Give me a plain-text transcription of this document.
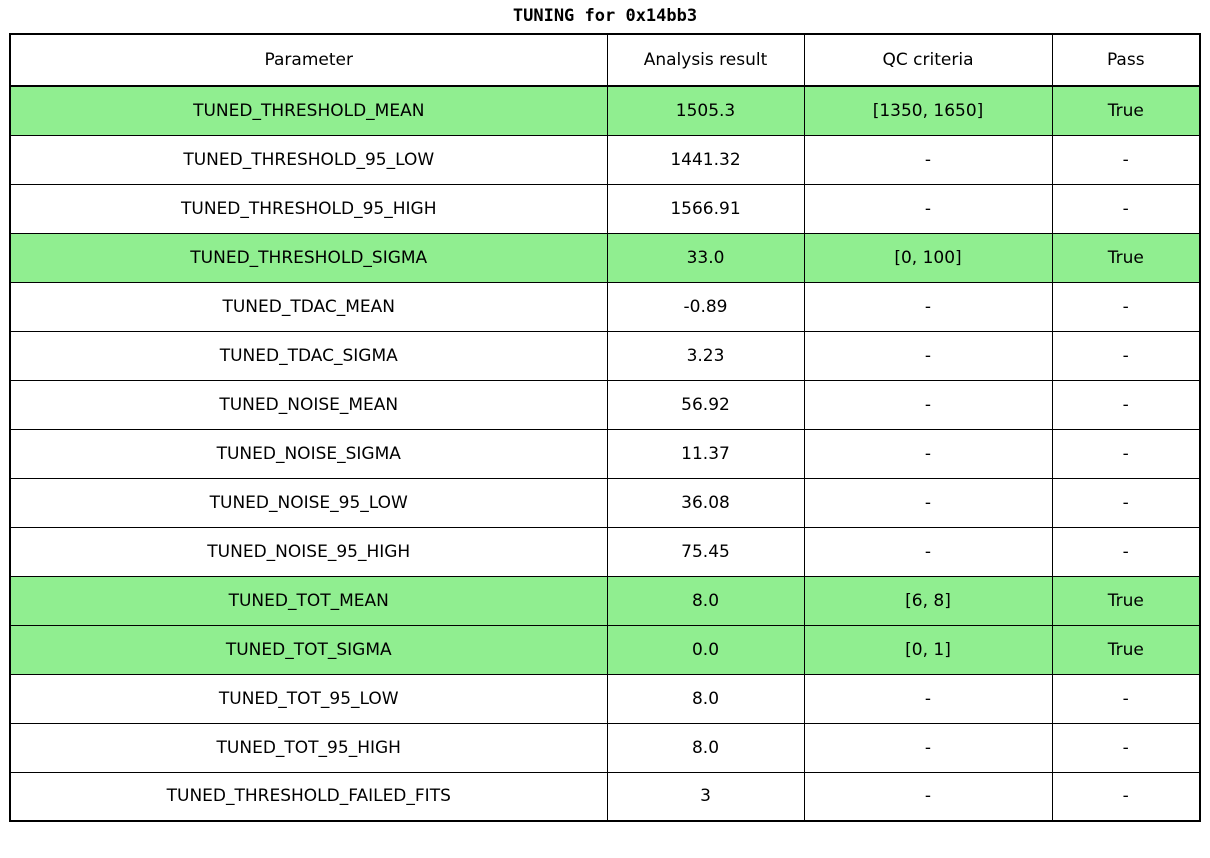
TUNING for 0x14bb3
Parameter	Analysis result	QC criteria	Pass
TUNED_THRESHOLD_MEAN	1505.3	[1350, 1650]	True
TUNED_THRESHOLD_95_LOW	1441.32	-	-
TUNED_THRESHOLD_95_HIGH	1566.91	-	-
TUNED_THRESHOLD_SIGMA	33.0	[0, 100]	True
TUNED_TDAC_MEAN	-0.89	-	-
TUNED_TDAC_SIGMA	3.23	-	-
TUNED_NOISE_MEAN	56.92	-	-
TUNED_NOISE_SIGMA	11.37	-	-
TUNED_NOISE_95_LOW	36.08	-	-
TUNED_NOISE_95_HIGH	75.45	-	-
TUNED_TOT_MEAN	8.0	[6, 8]	True
TUNED_TOT_SIGMA	0.0	[0, 1]	True
TUNED_TOT_95_LOW	8.0	-	-
TUNED_TOT_95_HIGH	8.0	-	-
TUNED_THRESHOLD_FAILED_FITS	3	-	-
